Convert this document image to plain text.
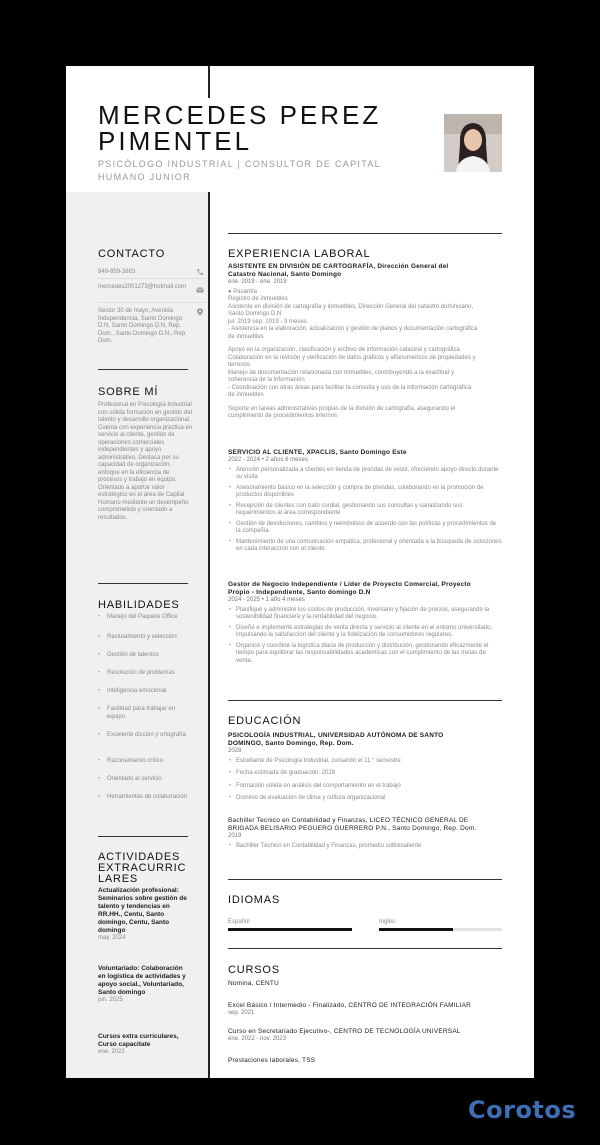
MERCEDES PEREZ
PIMENTEL
PSICÓLOGO INDUSTRIAL | CONSULTOR DE CAPITAL HUMANO JUNIOR
CONTACTO
849-859-3803
mercedes2001273@hotmail.com
Sector 30 de mayo, Avenida Independencia, Santo Domingo D.N, Santo Domingo D.N, Rep. Dom., Santo Domingo D.N., Rep. Dom.
SOBRE MÍ
Profesional en Psicología Industrial con sólida formación en gestión del talento y desarrollo organizacional. Cuenta con experiencia práctica en servicio al cliente, gestión de operaciones comerciales independientes y apoyo administrativo. Destaca por su capacidad de organización, enfoque en la eficiencia de procesos y trabajo en equipo. Orientado a aportar valor estratégico en el área de Capital Humano mediante un desempeño comprometido y orientado a resultados.
HABILIDADES
• Manejo del Paquete Office
• Reclutamiento y selección
• Gestión de talentos
• Resolución de problemas
• Inteligencia emocional
• Facilidad para trabajar en equipo
• Excelente dicción y ortografía
• Razonamiento crítico
• Orientado al servicio
• Herramientas de colaboración
ACTIVIDADES
EXTRACURRIC
LARES
Actualización profesional: Seminarios sobre gestión de talento y tendencias en RR.HH., Centu, Santo domingo, Centu, Santo domingo
may. 2024
Voluntariado: Colaboración en logística de actividades y apoyo social., Voluntariado, Santo domingo
jun. 2025
Cursos extra curriculares, Curso capacitate
ene. 2022
EXPERIENCIA LABORAL
ASISTENTE EN DIVISIÓN DE CARTOGRAFÍA, Dirección General del Catastro Nacional, Santo Domingo
ene. 2019 - ene. 2019
● Pasantía
Registro de inmuebles
Asistente en división de cartografía y inmuebles, Dirección General del catastro dominicano, Santo Domingo D.N
jul. 2019 sep. 2019 - 3 meses
- Asistencia en la elaboración, actualización y gestión de planos y documentación cartográfica de inmuebles
Apoyo en la organización, clasificación y archivo de información catastral y cartográfica
Colaboración en la revisión y verificación de datos gráficos y alfanuméricos de propiedades y terrenos
Manejo de documentación relacionada con inmuebles, contribuyendo a la exactitud y coherencia de la información
- Coordinación con otras áreas para facilitar la consulta y uso de la información cartográfica de inmuebles
Soporte en tareas administrativas propias de la división de cartografía, asegurando el cumplimiento de procedimientos internos
SERVICIO AL CLIENTE, XPACLIS, Santo Domingo Este
2022 - 2024 • 2 años 6 meses
• Atención personalizada a clientes en tienda de prendas de vestir, ofreciendo apoyo directo durante su visita
• Asesoramiento básico en la selección y compra de prendas, colaborando en la promoción de productos disponibles
• Recepción de clientes con trato cordial, gestionando sus consultas y canalizando sus requerimientos al área correspondiente
• Gestión de devoluciones, cambios y reembolsos de acuerdo con las políticas y procedimientos de la compañía
• Mantenimiento de una comunicación empática, profesional y orientada a la búsqueda de soluciones en cada interacción con el cliente
Gestor de Negocio Independiente / Líder de Proyecto Comercial, Proyecto Propio - Independiente, Santo domingo D.N
2024 - 2025 • 1 año 4 meses
• Planifiqué y administré los costos de producción, inventario y fijación de precios, asegurando la sostenibilidad financiera y la rentabilidad del negocio.
• Diseñé e implementé estrategias de venta directa y servicio al cliente en el entorno universitario, impulsando la satisfacción del cliente y la fidelización de consumidores regulares.
• Organicé y coordiné la logística diaria de producción y distribución, gestionando eficazmente el tiempo para equilibrar las responsabilidades académicas con el cumplimiento de las metas de venta.
EDUCACIÓN
PSICOLOGÍA INDUSTRIAL, UNIVERSIDAD AUTÓNOMA DE SANTO DOMINGO, Santo Domingo, Rep. Dom.
2028
• Estudiante de Psicología Industrial, cursando el 11.° semestre
• Fecha estimada de graduación: 2028
• Formación sólida en análisis del comportamiento en el trabajo
• Dominio de evaluación de clima y cultura organizacional
Bachiller Tecnico en Contabilidad y Finanzas, LICEO TÉCNICO GENERAL DE BRIGADA BELISARIO PEGUERO GUERRERO P.N., Santo Domingo, Rep. Dom.
2019
• Bachiller Técnico en Contabilidad y Finanzas, promedio sobresaliente
IDIOMAS
Español	Inglés
CURSOS
Nomina, CENTU
Excel Básico / Intermedio - Finalizado, CENTRO DE INTEGRACIÓN FAMILIAR
sep. 2021
Curso en Secretariado Ejecutivo-, CENTRO DE TECNOLOGÍA UNIVERSAL
ene. 2022 - nov. 2023
Prestaciones laborales, TSS
Corotos
